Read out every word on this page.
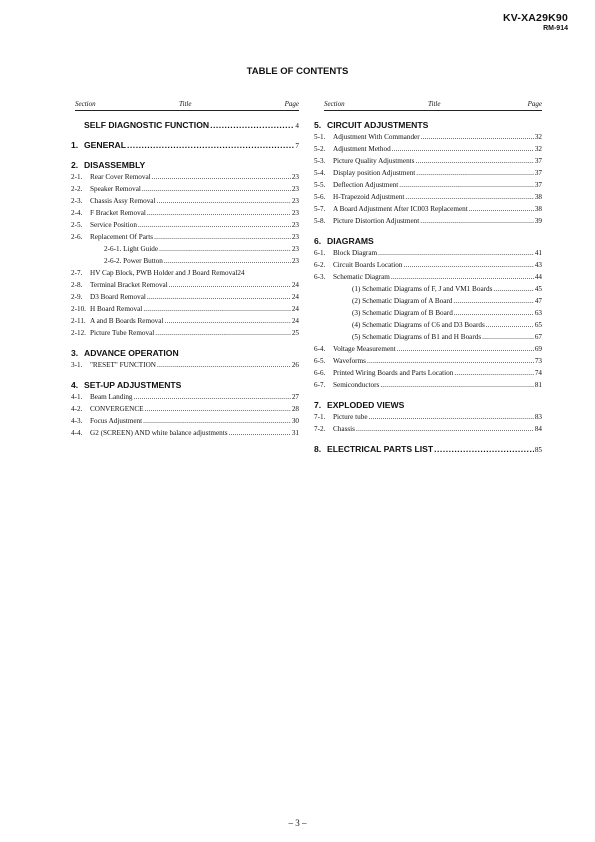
KV-XA29K90
RM-914
TABLE OF CONTENTS
Section	Title	Page
SELF DIAGNOSTIC FUNCTION .....	4
1. GENERAL .....	7
2. DISASSEMBLY
2-1.	Rear Cover Removal .....	23
2-2.	Speaker Removal .....	23
2-3.	Chassis Assy Removal .....	23
2-4.	F Bracket Removal .....	23
2-5.	Service Position .....	23
2-6.	Replacement Of Parts .....	23
2-6-1. Light Guide .....	23
2-6-2. Power Button .....	23
2-7.	HV Cap Block, PWB Holder and J Board Removal 24
2-8.	Terminal Bracket Removal .....	24
2-9.	D3 Board Removal .....	24
2-10. H Board Removal .....	24
2-11. A and B Boards Removal .....	24
2-12. Picture Tube Removal .....	25
3. ADVANCE OPERATION
3-1.	"RESET" FUNCTION .....	26
4. SET-UP ADJUSTMENTS
4-1.	Beam Landing .....	27
4-2.	CONVERGENCE .....	28
4-3.	Focus Adjustment .....	30
4-4.	G2 (SCREEN) AND white balance adjustments .....	31
Section	Title	Page
5. CIRCUIT ADJUSTMENTS
5-1.	Adjustment With Commander .....	32
5-2.	Adjustment Method .....	32
5-3.	Picture Quality Adjustments .....	37
5-4.	Display position Adjustment .....	37
5-5.	Deflection Adjustment .....	37
5-6.	H-Trapezoid Adjustment .....	38
5-7.	A Board Adjustment After IC003 Replacement .....	38
5-8.	Picture Distortion Adjustment .....	39
6. DIAGRAMS
6-1.	Block Diagram .....	41
6-2.	Circuit Boards Location .....	43
6-3.	Schematic Diagram .....	44
(1) Schematic Diagrams of F, J and VM1 Boards .....	45
(2) Schematic Diagram of A Board .....	47
(3) Schematic Diagram of B Board .....	63
(4) Schematic Diagrams of C6 and D3 Boards .....	65
(5) Schematic Diagrams of B1 and H Boards .....	67
6-4.	Voltage Measurement .....	69
6-5.	Waveforms .....	73
6-6.	Printed Wiring Boards and Parts Location .....	74
6-7.	Semiconductors .....	81
7. EXPLODED VIEWS
7-1.	Picture tube .....	83
7-2.	Chassis .....	84
8. ELECTRICAL PARTS LIST .....	85
– 3 –
